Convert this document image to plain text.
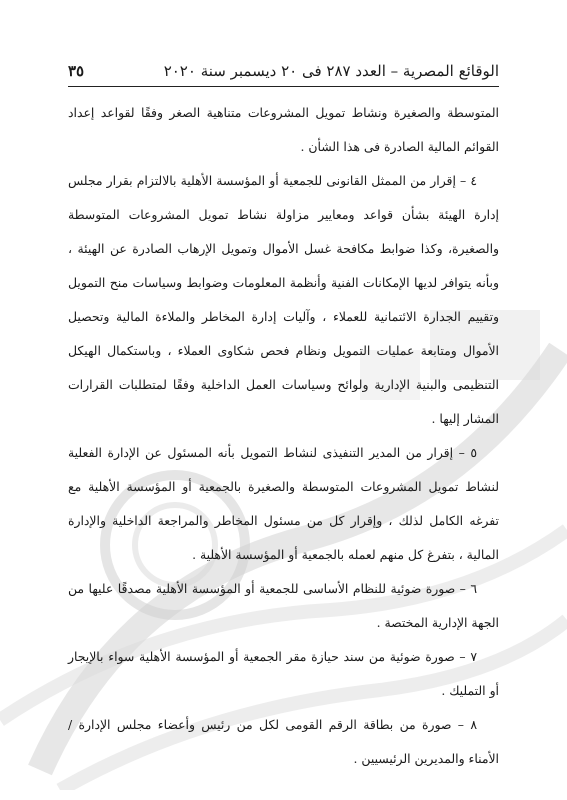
الوقائع المصرية – العدد ٢٨٧ فى ٢٠ ديسمبر سنة ٢٠٢٠
٣٥

المتوسطة والصغيرة ونشاط تمويل المشروعات متناهية الصغر وفقًا لقواعد إعداد القوائم المالية الصادرة فى هذا الشأن .

٤ – إقرار من الممثل القانونى للجمعية أو المؤسسة الأهلية بالالتزام بقرار مجلس إدارة الهيئة بشأن قواعد ومعايير مزاولة نشاط تمويل المشروعات المتوسطة والصغيرة، وكذا ضوابط مكافحة غسل الأموال وتمويل الإرهاب الصادرة عن الهيئة ، وبأنه يتوافر لديها الإمكانات الفنية وأنظمة المعلومات وضوابط وسياسات منح التمويل وتقييم الجدارة الائتمانية للعملاء ، وآليات إدارة المخاطر والملاءة المالية وتحصيل الأموال ومتابعة عمليات التمويل ونظام فحص شكاوى العملاء ، وباستكمال الهيكل التنظيمى والبنية الإدارية ولوائح وسياسات العمل الداخلية وفقًا لمتطلبات القرارات المشار إليها .

٥ – إقرار من المدير التنفيذى لنشاط التمويل بأنه المسئول عن الإدارة الفعلية لنشاط تمويل المشروعات المتوسطة والصغيرة بالجمعية أو المؤسسة الأهلية مع تفرغه الكامل لذلك ، وإقرار كل من مسئول المخاطر والمراجعة الداخلية والإدارة المالية ، بتفرغ كل منهم لعمله بالجمعية أو المؤسسة الأهلية .

٦ – صورة ضوئية للنظام الأساسى للجمعية أو المؤسسة الأهلية مصدقًا عليها من الجهة الإدارية المختصة .

٧ – صورة ضوئية من سند حيازة مقر الجمعية أو المؤسسة الأهلية سواء بالإيجار أو التمليك .

٨ – صورة من بطاقة الرقم القومى لكل من رئيس وأعضاء مجلس الإدارة / الأمناء والمديرين الرئيسيين .
